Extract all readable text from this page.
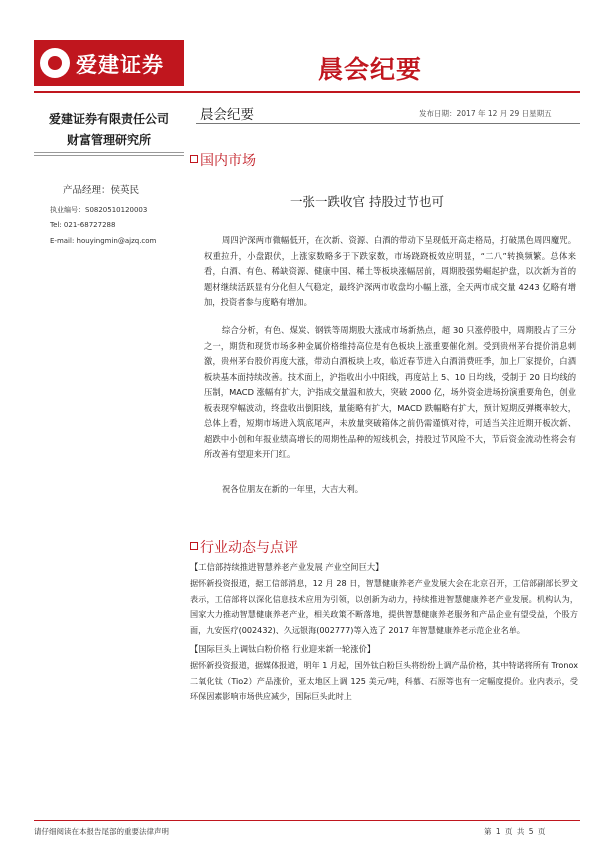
爱建证券	晨会纪要
爱建证券有限责任公司
财富管理研究所
产品经理：侯英民
执业编号：S0820510120003
Tel: 021-68727288
E-mail: houyingmin@ajzq.com
晨会纪要	发布日期：2017 年 12 月 29 日星期五
国内市场
一张一跌收官 持股过节也可

周四沪深两市微幅低开，在次新、资源、白酒的带动下呈现低开高走格局，打破黑色周四魔咒。权重拉升，小盘跟伏，上涨家数略多于下跌家数，市场跷跷板效应明显，“二八”转换频繁。总体来看，白酒、有色、稀缺资源、健康中国、稀土等板块涨幅居前，周期股强势崛起护盘，以次新为首的题材继续活跃显有分化但人气稳定，最终沪深两市收盘均小幅上涨，全天两市成交量 4243 亿略有增加，投资者参与度略有增加。

综合分析，有色、煤炭、钢铁等周期股大涨成市场新热点，超 30 只涨停股中，周期股占了三分之一，期货和现货市场多种金属价格维持高位是有色板块上涨重要催化剂。受到贵州茅台提价消息刺激，贵州茅台股价再度大涨，带动白酒板块上攻，临近春节进入白酒消费旺季，加上厂家提价，白酒板块基本面持续改善。技术面上，沪指收出小中阳线，再度站上 5、10 日均线，受制于 20 日均线的压制，MACD 涨幅有扩大，沪指成交量温和放大，突破 2000 亿，场外资金进场扮演重要角色，创业板表现窄幅波动，终盘收出倒阳线，量能略有扩大，MACD 跌幅略有扩大，预计短期反弹概率较大，总体上看，短期市场进入筑底尾声，未放量突破箱体之前仍需谨慎对待，可适当关注近期开板次新、超跌中小创和年报业绩高增长的周期性品种的短线机会，持股过节风险不大，节后资金流动性将会有所改善有望迎来开门红。

祝各位朋友在新的一年里，大吉大利。

行业动态与点评
【工信部持续推进智慧养老产业发展 产业空间巨大】

据怀新投资报道，据工信部消息，12 月 28 日，智慧健康养老产业发展大会在北京召开，工信部副部长罗文表示，工信部将以深化信息技术应用为引领，以创新为动力，持续推进智慧健康养老产业发展。机构认为，国家大力推动智慧健康养老产业，相关政策不断落地，提供智慧健康养老服务和产品企业有望受益，个股方面，九安医疗(002432)、久远银海(002777)等入选了 2017 年智慧健康养老示范企业名单。

【国际巨头上调钛白粉价格 行业迎来新一轮涨价】

据怀新投资报道，据媒体报道，明年 1 月起，国外钛白粉巨头将纷纷上调产品价格，其中特诺将所有 Tronox 二氧化钛（Tio2）产品涨价，亚太地区上调 125 美元/吨，科慕、石原等也有一定幅度提价。业内表示，受环保因素影响市场供应减少，国际巨头此时上

请仔细阅读在本报告尾部的重要法律声明	第 1 页 共 5 页
